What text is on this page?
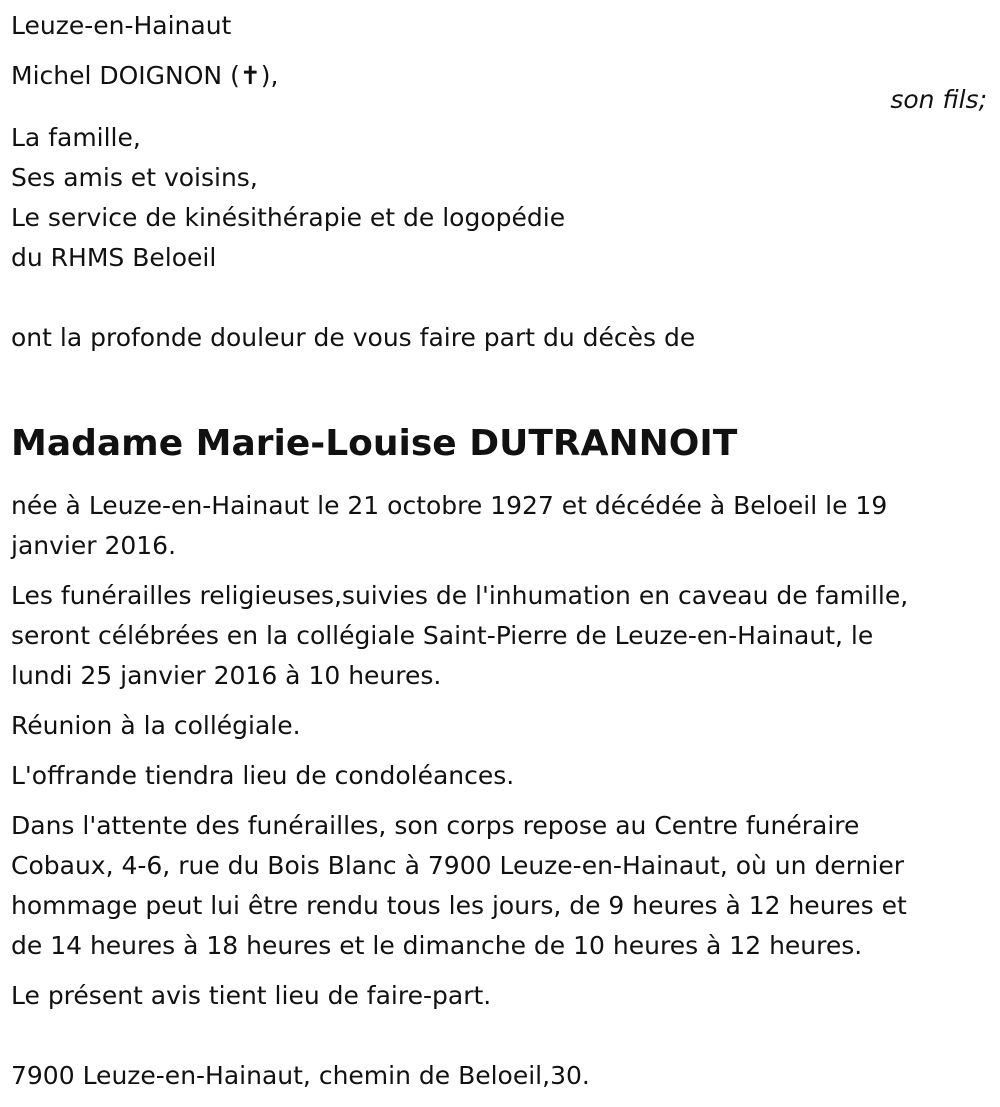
Leuze-en-Hainaut

Michel DOIGNON (✝),

son fils;

La famille,

Ses amis et voisins,

Le service de kinésithérapie et de logopédie

du RHMS Beloeil

ont la profonde douleur de vous faire part du décès de

Madame Marie-Louise DUTRANNOIT

née à Leuze-en-Hainaut le 21 octobre 1927 et décédée à Beloeil le 19

janvier 2016.

Les funérailles religieuses,suivies de l'inhumation en caveau de famille,

seront célébrées en la collégiale Saint-Pierre de Leuze-en-Hainaut, le

lundi 25 janvier 2016 à 10 heures.

Réunion à la collégiale.

L'offrande tiendra lieu de condoléances.

Dans l'attente des funérailles, son corps repose au Centre funéraire

Cobaux, 4-6, rue du Bois Blanc à 7900 Leuze-en-Hainaut, où un dernier

hommage peut lui être rendu tous les jours, de 9 heures à 12 heures et

de 14 heures à 18 heures et le dimanche de 10 heures à 12 heures.

Le présent avis tient lieu de faire-part.

7900 Leuze-en-Hainaut, chemin de Beloeil,30.
